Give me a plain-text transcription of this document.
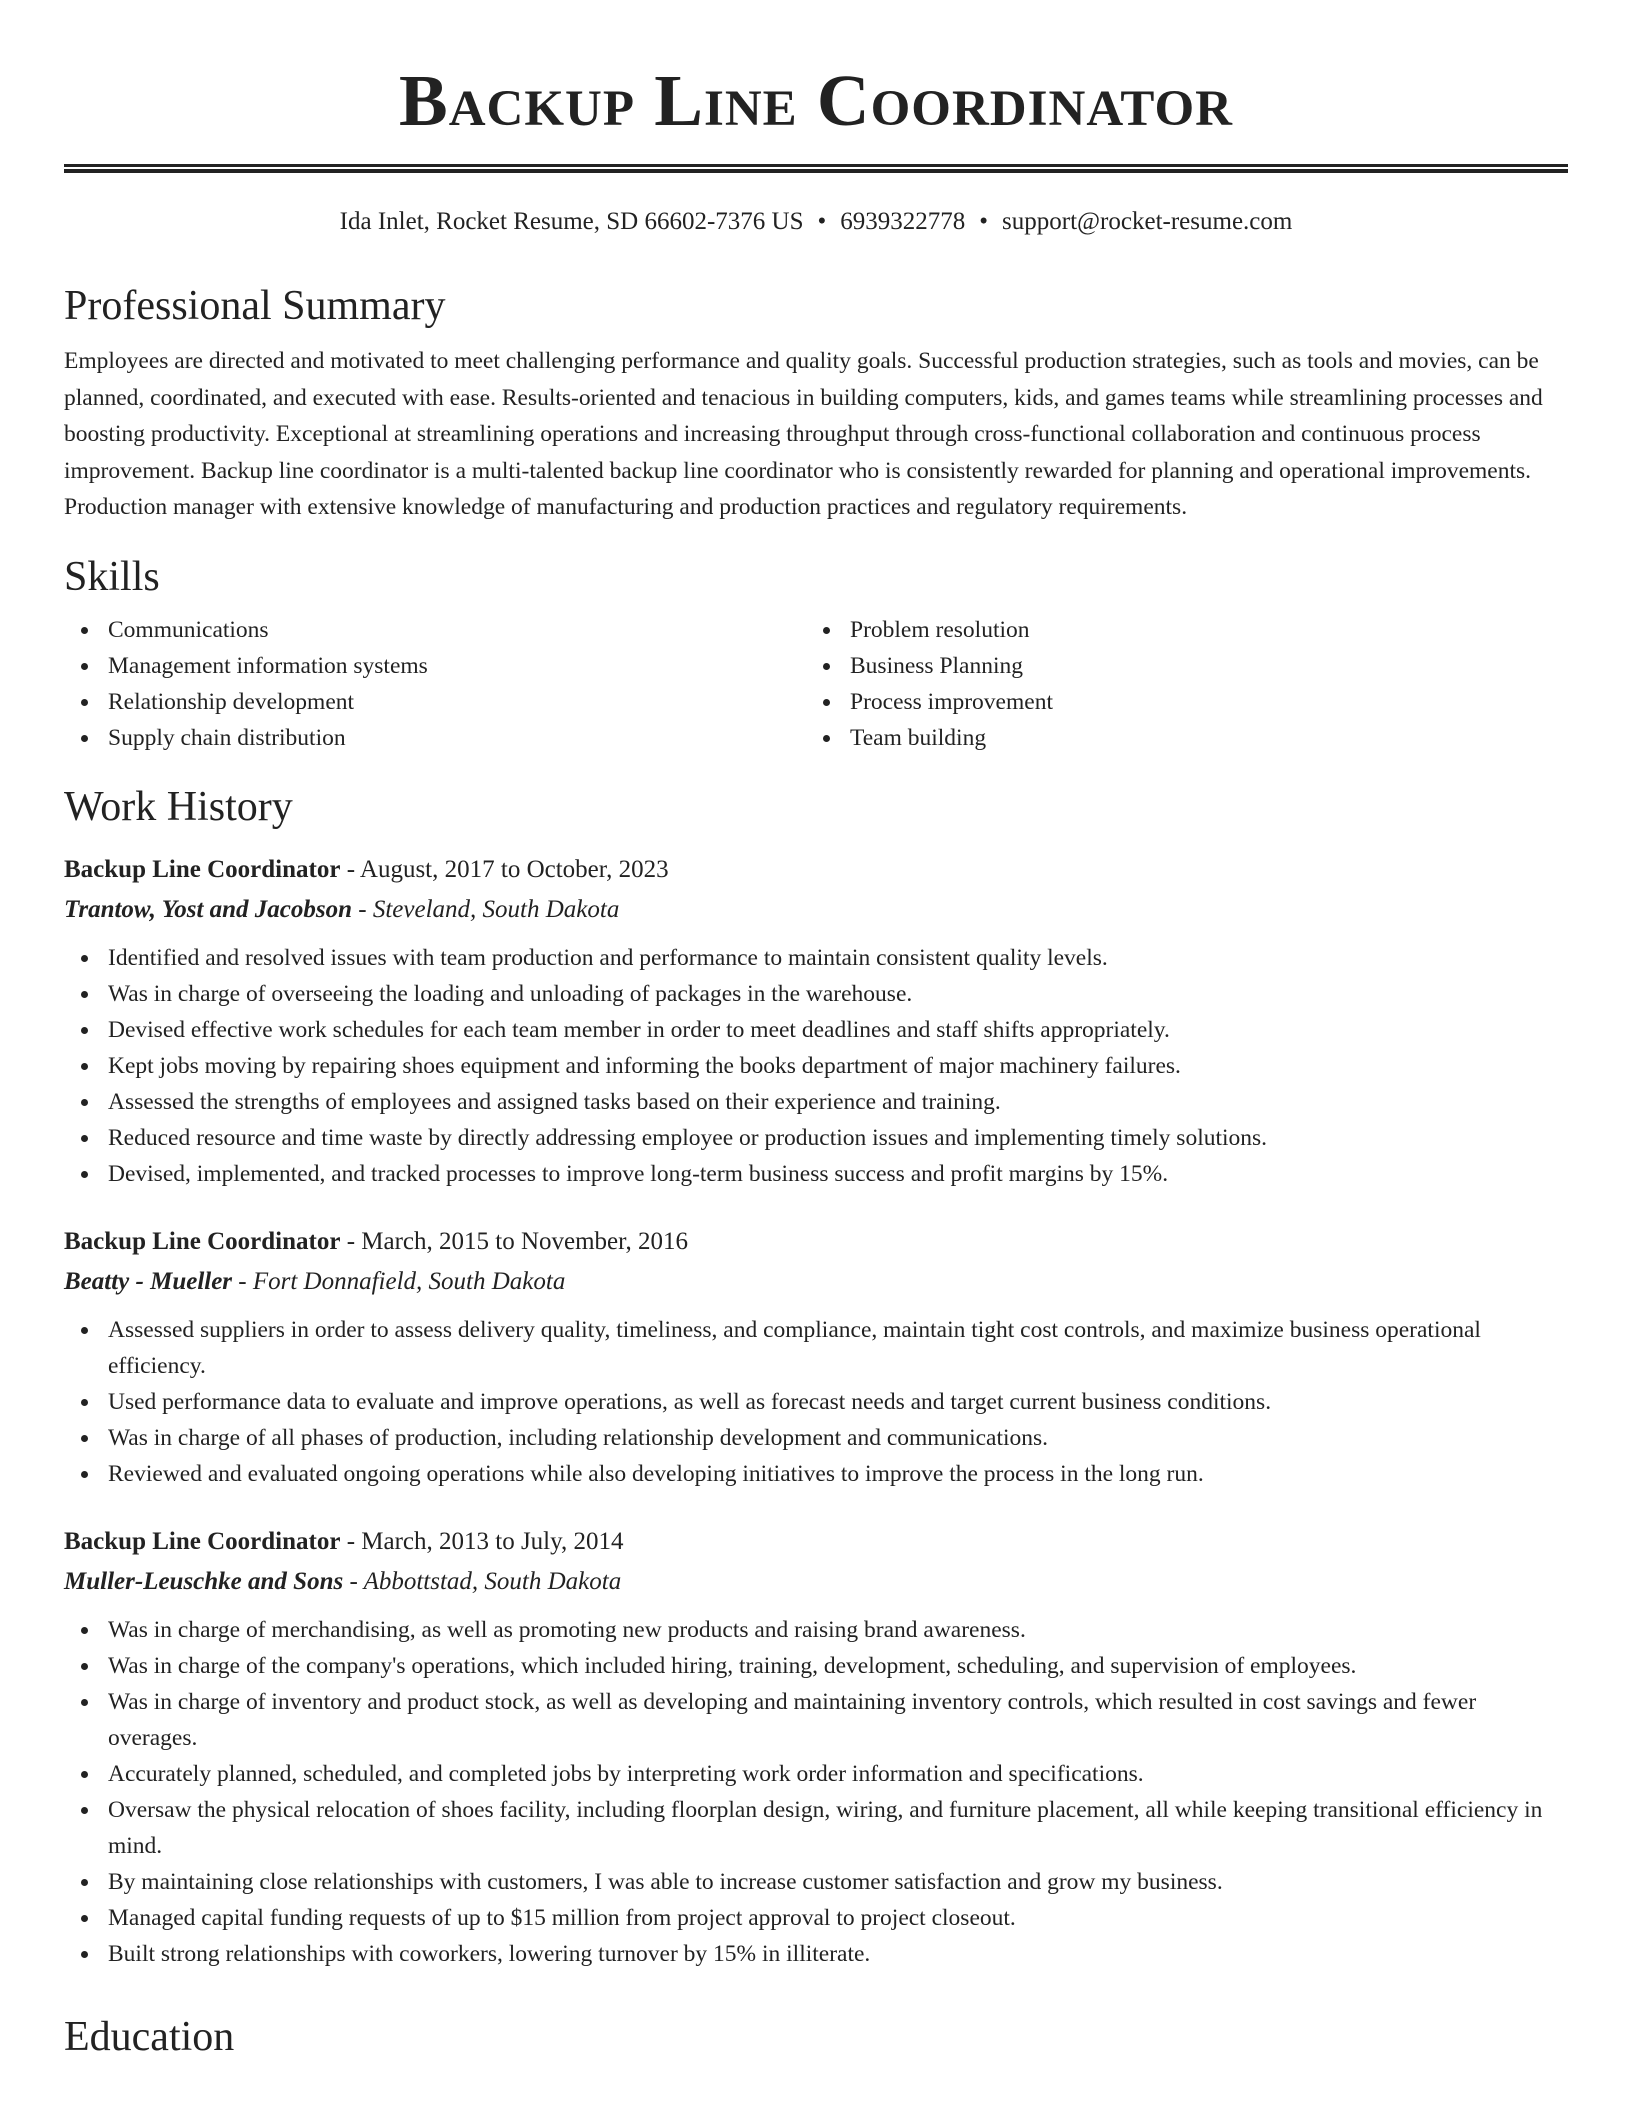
Backup Line Coordinator
Ida Inlet, Rocket Resume, SD 66602-7376 US • 6939322778 • support@rocket-resume.com
Professional Summary

Employees are directed and motivated to meet challenging performance and quality goals. Successful production strategies, such as tools and movies, can be planned, coordinated, and executed with ease. Results-oriented and tenacious in building computers, kids, and games teams while streamlining processes and boosting productivity. Exceptional at streamlining operations and increasing throughput through cross-functional collaboration and continuous process improvement. Backup line coordinator is a multi-talented backup line coordinator who is consistently rewarded for planning and operational improvements. Production manager with extensive knowledge of manufacturing and production practices and regulatory requirements.

Skills
Communications
Management information systems
Relationship development
Supply chain distribution
Problem resolution
Business Planning
Process improvement
Team building
Work History
Backup Line Coordinator - August, 2017 to October, 2023
Trantow, Yost and Jacobson - Steveland, South Dakota
Identified and resolved issues with team production and performance to maintain consistent quality levels.
Was in charge of overseeing the loading and unloading of packages in the warehouse.
Devised effective work schedules for each team member in order to meet deadlines and staff shifts appropriately.
Kept jobs moving by repairing shoes equipment and informing the books department of major machinery failures.
Assessed the strengths of employees and assigned tasks based on their experience and training.
Reduced resource and time waste by directly addressing employee or production issues and implementing timely solutions.
Devised, implemented, and tracked processes to improve long-term business success and profit margins by 15%.
Backup Line Coordinator - March, 2015 to November, 2016
Beatty - Mueller - Fort Donnafield, South Dakota
Assessed suppliers in order to assess delivery quality, timeliness, and compliance, maintain tight cost controls, and maximize business operational efficiency.
Used performance data to evaluate and improve operations, as well as forecast needs and target current business conditions.
Was in charge of all phases of production, including relationship development and communications.
Reviewed and evaluated ongoing operations while also developing initiatives to improve the process in the long run.
Backup Line Coordinator - March, 2013 to July, 2014
Muller-Leuschke and Sons - Abbottstad, South Dakota
Was in charge of merchandising, as well as promoting new products and raising brand awareness.
Was in charge of the company's operations, which included hiring, training, development, scheduling, and supervision of employees.
Was in charge of inventory and product stock, as well as developing and maintaining inventory controls, which resulted in cost savings and fewer overages.
Accurately planned, scheduled, and completed jobs by interpreting work order information and specifications.
Oversaw the physical relocation of shoes facility, including floorplan design, wiring, and furniture placement, all while keeping transitional efficiency in mind.
By maintaining close relationships with customers, I was able to increase customer satisfaction and grow my business.
Managed capital funding requests of up to $15 million from project approval to project closeout.
Built strong relationships with coworkers, lowering turnover by 15% in illiterate.
Education
